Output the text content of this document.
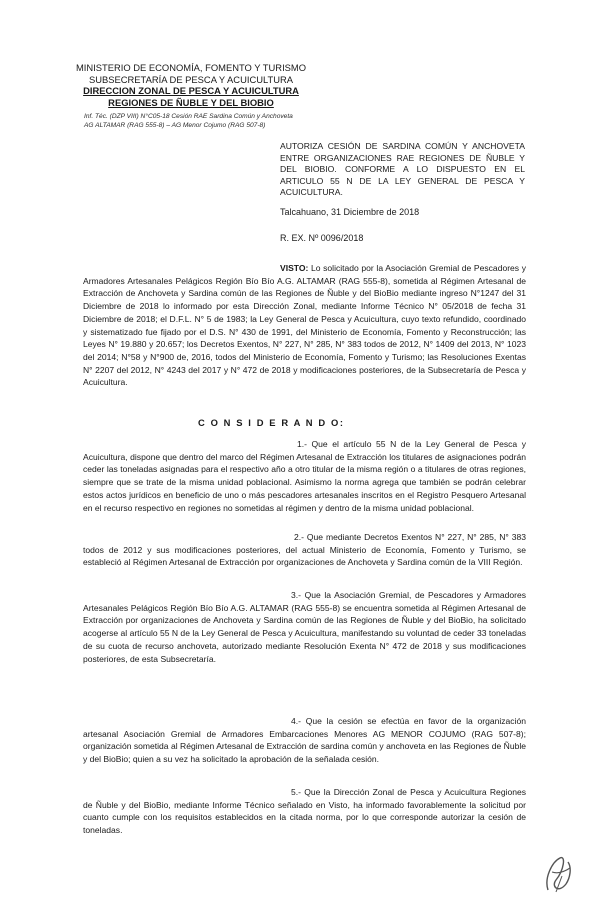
MINISTERIO DE ECONOMÍA, FOMENTO Y TURISMO
SUBSECRETARÍA DE PESCA Y ACUICULTURA
DIRECCION ZONAL DE PESCA Y ACUICULTURA
REGIONES DE ÑUBLE Y DEL BIOBIO
Inf. Téc. (DZP VIII) N°C05-18 Cesión RAE Sardina Común y Anchoveta
AG ALTAMAR (RAG 555-8) – AG Menor Cojumo (RAG 507-8)
AUTORIZA CESIÓN DE SARDINA COMÚN Y ANCHOVETA ENTRE ORGANIZACIONES RAE REGIONES DE ÑUBLE Y DEL BIOBIO. CONFORME A LO DISPUESTO EN EL ARTICULO 55 N DE LA LEY GENERAL DE PESCA Y ACUICULTURA.
Talcahuano, 31 Diciembre de 2018
R. EX. Nº 0096/2018

VISTO: Lo solicitado por la Asociación Gremial de Pescadores y Armadores Artesanales Pelágicos Región Bío Bío A.G. ALTAMAR (RAG 555-8), sometida al Régimen Artesanal de Extracción de Anchoveta y Sardina común de las Regiones de Ñuble y del BioBio mediante ingreso N°1247 del 31 Diciembre de 2018 lo informado por esta Dirección Zonal, mediante Informe Técnico N° 05/2018 de fecha 31 Diciembre de 2018; el D.F.L. N° 5 de 1983; la Ley General de Pesca y Acuicultura, cuyo texto refundido, coordinado y sistematizado fue fijado por el D.S. N° 430 de 1991, del Ministerio de Economía, Fomento y Reconstrucción; las Leyes N° 19.880 y 20.657; los Decretos Exentos, N° 227, N° 285, N° 383 todos de 2012, N° 1409 del 2013, N° 1023 del 2014; N°58 y N°900 de, 2016, todos del Ministerio de Economía, Fomento y Turismo; las Resoluciones Exentas N° 2207 del 2012, N° 4243 del 2017 y N° 472 de 2018 y modificaciones posteriores, de la Subsecretaría de Pesca y Acuicultura.

C O N S I D E R A N D O:

1.- Que el artículo 55 N de la Ley General de Pesca y Acuicultura, dispone que dentro del marco del Régimen Artesanal de Extracción los titulares de asignaciones podrán ceder las toneladas asignadas para el respectivo año a otro titular de la misma región o a titulares de otras regiones, siempre que se trate de la misma unidad poblacional. Asimismo la norma agrega que también se podrán celebrar estos actos jurídicos en beneficio de uno o más pescadores artesanales inscritos en el Registro Pesquero Artesanal en el recurso respectivo en regiones no sometidas al régimen y dentro de la misma unidad poblacional.

2.- Que mediante Decretos Exentos N° 227, N° 285, N° 383 todos de 2012 y sus modificaciones posteriores, del actual Ministerio de Economía, Fomento y Turismo, se estableció al Régimen Artesanal de Extracción por organizaciones de Anchoveta y Sardina común de la VIII Región.

3.- Que la Asociación Gremial, de Pescadores y Armadores Artesanales Pelágicos Región Bío Bío A.G. ALTAMAR (RAG 555-8) se encuentra sometida al Régimen Artesanal de Extracción por organizaciones de Anchoveta y Sardina común de las Regiones de Ñuble y del BioBio, ha solicitado acogerse al artículo 55 N de la Ley General de Pesca y Acuicultura, manifestando su voluntad de ceder 33 toneladas de su cuota de recurso anchoveta, autorizado mediante Resolución Exenta N° 472 de 2018 y sus modificaciones posteriores, de esta Subsecretaría.

4.- Que la cesión se efectúa en favor de la organización artesanal Asociación Gremial de Armadores Embarcaciones Menores AG MENOR COJUMO (RAG 507-8); organización sometida al Régimen Artesanal de Extracción de sardina común y anchoveta en las Regiones de Ñuble y del BioBio; quien a su vez ha solicitado la aprobación de la señalada cesión.

5.- Que la Dirección Zonal de Pesca y Acuicultura Regiones de Ñuble y del BioBio, mediante Informe Técnico señalado en Visto, ha informado favorablemente la solicitud por cuanto cumple con los requisitos establecidos en la citada norma, por lo que corresponde autorizar la cesión de toneladas.
